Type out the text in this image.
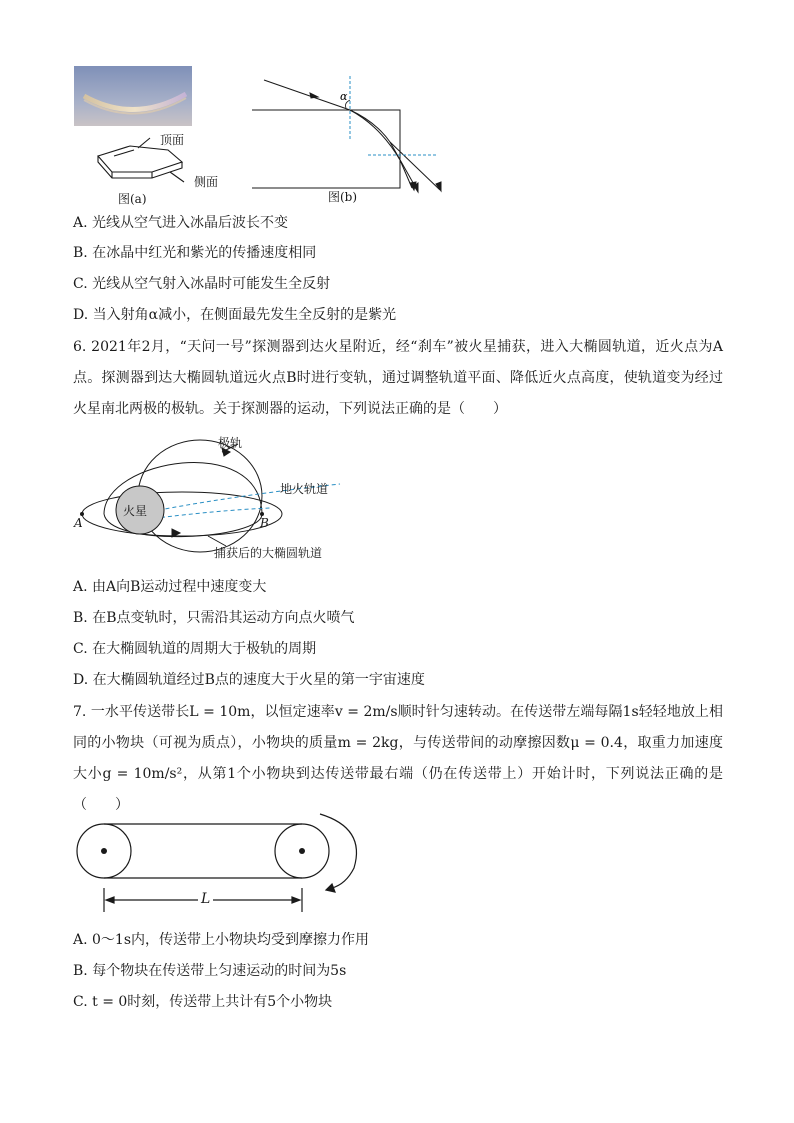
顶面
侧面
图(a)
α
图(b)
A. 光线从空气进入冰晶后波长不变
B. 在冰晶中红光和紫光的传播速度相同
C. 光线从空气射入冰晶时可能发生全反射
D. 当入射角α减小，在侧面最先发生全反射的是紫光
6. 2021年2月，“天问一号”探测器到达火星附近，经“刹车”被火星捕获，进入大椭圆轨道，近火点为A点。探测器到达大椭圆轨道远火点B时进行变轨，通过调整轨道平面、降低近火点高度，使轨道变为经过火星南北两极的极轨。关于探测器的运动，下列说法正确的是（　　）
极轨
地火轨道
火星
A	B
捕获后的大椭圆轨道
A. 由A向B运动过程中速度变大
B. 在B点变轨时，只需沿其运动方向点火喷气
C. 在大椭圆轨道的周期大于极轨的周期
D. 在大椭圆轨道经过B点的速度大于火星的第一宇宙速度
7. 一水平传送带长L = 10m，以恒定速率v = 2m/s顺时针匀速转动。在传送带左端每隔1s轻轻地放上相同的小物块（可视为质点），小物块的质量m = 2kg，与传送带间的动摩擦因数μ = 0.4，取重力加速度大小g = 10m/s²，从第1个小物块到达传送带最右端（仍在传送带上）开始计时，下列说法正确的是（　　）
L
A. 0～1s内，传送带上小物块均受到摩擦力作用
B. 每个物块在传送带上匀速运动的时间为5s
C. t = 0时刻，传送带上共计有5个小物块
